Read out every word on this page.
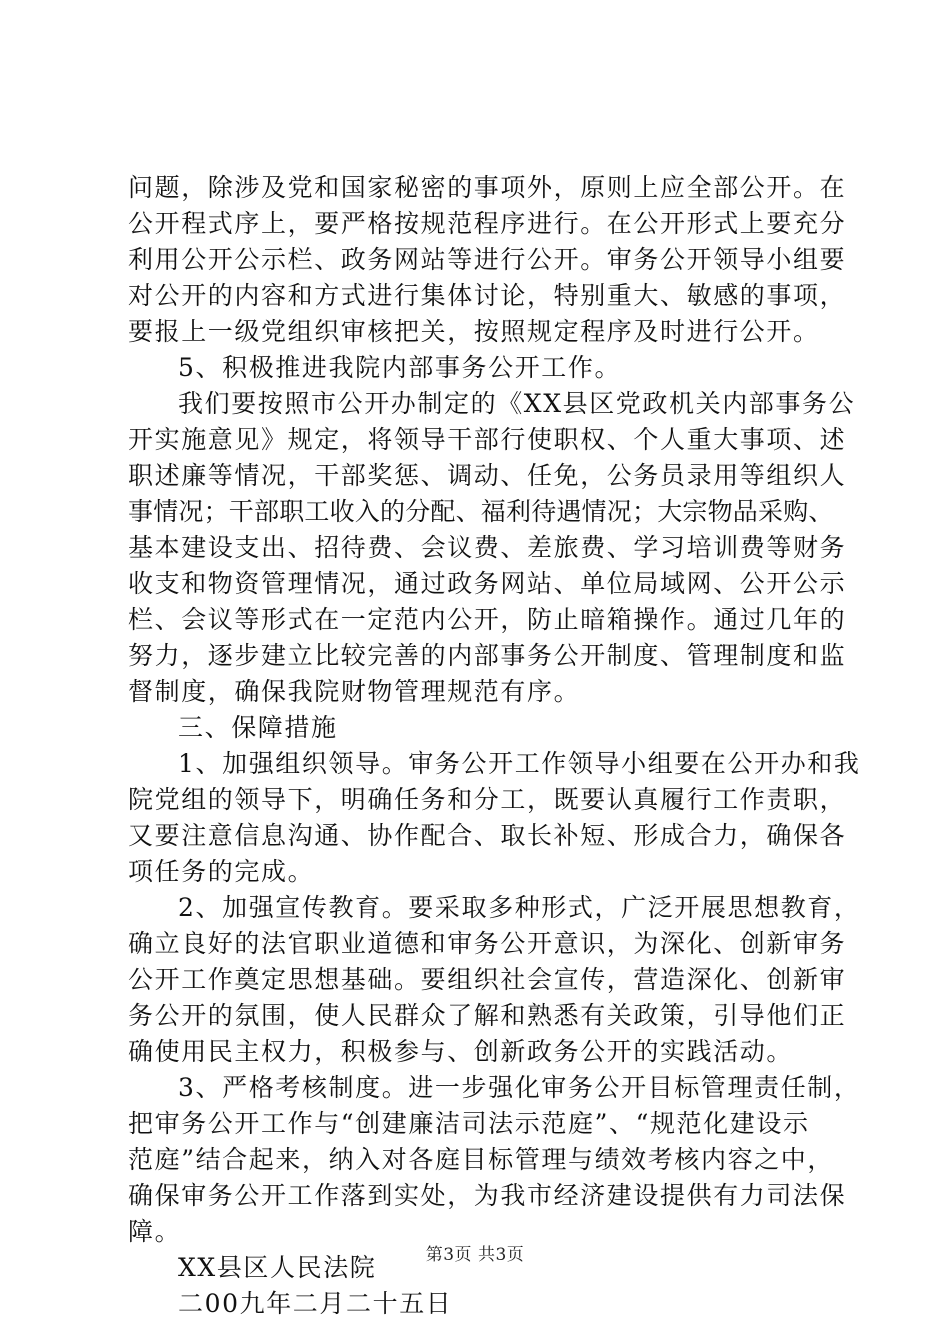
问题，除涉及党和国家秘密的事项外，原则上应全部公开。在
公开程式序上，要严格按规范程序进行。在公开形式上要充分
利用公开公示栏、政务网站等进行公开。审务公开领导小组要
对公开的内容和方式进行集体讨论，特别重大、敏感的事项，
要报上一级党组织审核把关，按照规定程序及时进行公开。
5、积极推进我院内部事务公开工作。
我们要按照市公开办制定的《XX县区党政机关内部事务公
开实施意见》规定，将领导干部行使职权、个人重大事项、述
职述廉等情况，干部奖惩、调动、任免，公务员录用等组织人
事情况；干部职工收入的分配、福利待遇情况；大宗物品采购、
基本建设支出、招待费、会议费、差旅费、学习培训费等财务
收支和物资管理情况，通过政务网站、单位局域网、公开公示
栏、会议等形式在一定范内公开，防止暗箱操作。通过几年的
努力，逐步建立比较完善的内部事务公开制度、管理制度和监
督制度，确保我院财物管理规范有序。
三、保障措施
1、加强组织领导。审务公开工作领导小组要在公开办和我
院党组的领导下，明确任务和分工，既要认真履行工作责职，
又要注意信息沟通、协作配合、取长补短、形成合力，确保各
项任务的完成。
2、加强宣传教育。要采取多种形式，广泛开展思想教育，
确立良好的法官职业道德和审务公开意识，为深化、创新审务
公开工作奠定思想基础。要组织社会宣传，营造深化、创新审
务公开的氛围，使人民群众了解和熟悉有关政策，引导他们正
确使用民主权力，积极参与、创新政务公开的实践活动。
3、严格考核制度。进一步强化审务公开目标管理责任制，
把审务公开工作与“创建廉洁司法示范庭”、“规范化建设示
范庭”结合起来，纳入对各庭目标管理与绩效考核内容之中，
确保审务公开工作落到实处，为我市经济建设提供有力司法保
障。
XX县区人民法院
二00九年二月二十五日
第3页 共3页
